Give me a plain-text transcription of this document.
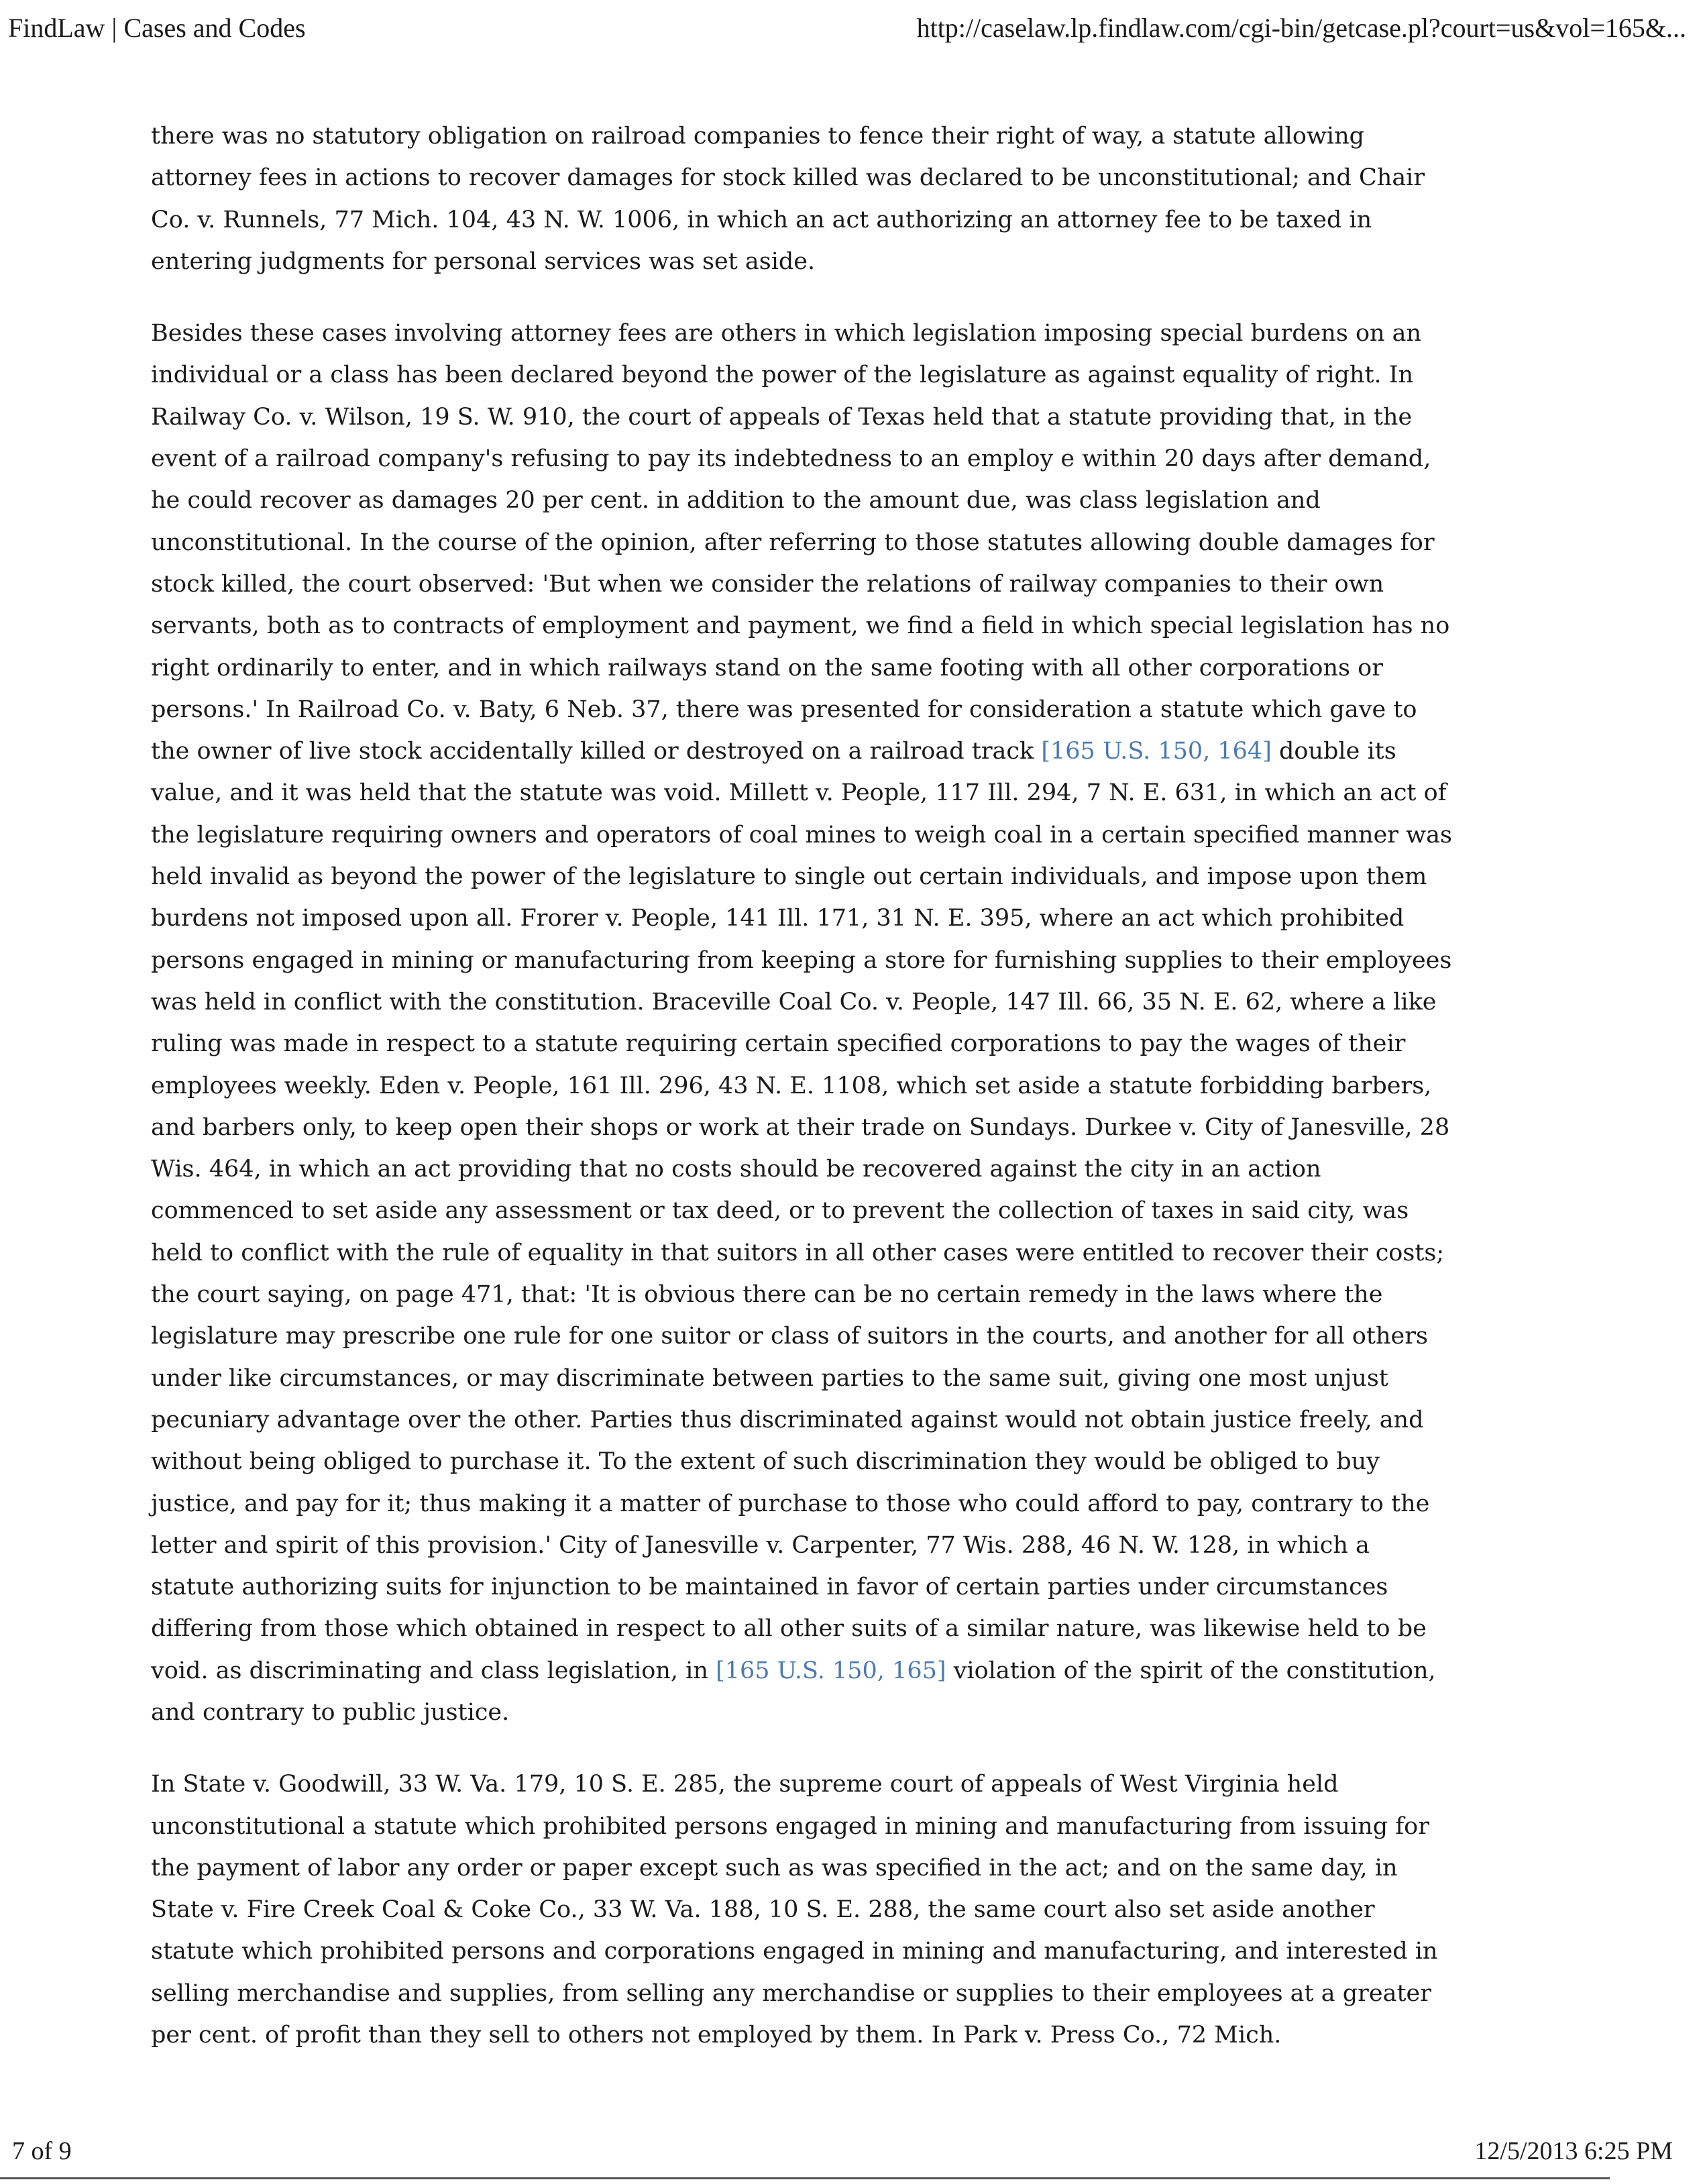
FindLaw | Cases and Codes	http://caselaw.lp.findlaw.com/cgi-bin/getcase.pl?court=us&vol=165&...

there was no statutory obligation on railroad companies to fence their right of way, a statute allowing attorney fees in actions to recover damages for stock killed was declared to be unconstitutional; and Chair Co. v. Runnels, 77 Mich. 104, 43 N. W. 1006, in which an act authorizing an attorney fee to be taxed in entering judgments for personal services was set aside.

Besides these cases involving attorney fees are others in which legislation imposing special burdens on an individual or a class has been declared beyond the power of the legislature as against equality of right. In Railway Co. v. Wilson, 19 S. W. 910, the court of appeals of Texas held that a statute providing that, in the event of a railroad company's refusing to pay its indebtedness to an employ e within 20 days after demand, he could recover as damages 20 per cent. in addition to the amount due, was class legislation and unconstitutional. In the course of the opinion, after referring to those statutes allowing double damages for stock killed, the court observed: 'But when we consider the relations of railway companies to their own servants, both as to contracts of employment and payment, we find a field in which special legislation has no right ordinarily to enter, and in which railways stand on the same footing with all other corporations or persons.' In Railroad Co. v. Baty, 6 Neb. 37, there was presented for consideration a statute which gave to the owner of live stock accidentally killed or destroyed on a railroad track [165 U.S. 150, 164] double its value, and it was held that the statute was void. Millett v. People, 117 Ill. 294, 7 N. E. 631, in which an act of the legislature requiring owners and operators of coal mines to weigh coal in a certain specified manner was held invalid as beyond the power of the legislature to single out certain individuals, and impose upon them burdens not imposed upon all. Frorer v. People, 141 Ill. 171, 31 N. E. 395, where an act which prohibited persons engaged in mining or manufacturing from keeping a store for furnishing supplies to their employees was held in conflict with the constitution. Braceville Coal Co. v. People, 147 Ill. 66, 35 N. E. 62, where a like ruling was made in respect to a statute requiring certain specified corporations to pay the wages of their employees weekly. Eden v. People, 161 Ill. 296, 43 N. E. 1108, which set aside a statute forbidding barbers, and barbers only, to keep open their shops or work at their trade on Sundays. Durkee v. City of Janesville, 28 Wis. 464, in which an act providing that no costs should be recovered against the city in an action commenced to set aside any assessment or tax deed, or to prevent the collection of taxes in said city, was held to conflict with the rule of equality in that suitors in all other cases were entitled to recover their costs; the court saying, on page 471, that: 'It is obvious there can be no certain remedy in the laws where the legislature may prescribe one rule for one suitor or class of suitors in the courts, and another for all others under like circumstances, or may discriminate between parties to the same suit, giving one most unjust pecuniary advantage over the other. Parties thus discriminated against would not obtain justice freely, and without being obliged to purchase it. To the extent of such discrimination they would be obliged to buy justice, and pay for it; thus making it a matter of purchase to those who could afford to pay, contrary to the letter and spirit of this provision.' City of Janesville v. Carpenter, 77 Wis. 288, 46 N. W. 128, in which a statute authorizing suits for injunction to be maintained in favor of certain parties under circumstances differing from those which obtained in respect to all other suits of a similar nature, was likewise held to be void. as discriminating and class legislation, in [165 U.S. 150, 165] violation of the spirit of the constitution, and contrary to public justice.

In State v. Goodwill, 33 W. Va. 179, 10 S. E. 285, the supreme court of appeals of West Virginia held unconstitutional a statute which prohibited persons engaged in mining and manufacturing from issuing for the payment of labor any order or paper except such as was specified in the act; and on the same day, in State v. Fire Creek Coal & Coke Co., 33 W. Va. 188, 10 S. E. 288, the same court also set aside another statute which prohibited persons and corporations engaged in mining and manufacturing, and interested in selling merchandise and supplies, from selling any merchandise or supplies to their employees at a greater per cent. of profit than they sell to others not employed by them. In Park v. Press Co., 72 Mich.

7 of 9	12/5/2013 6:25 PM
